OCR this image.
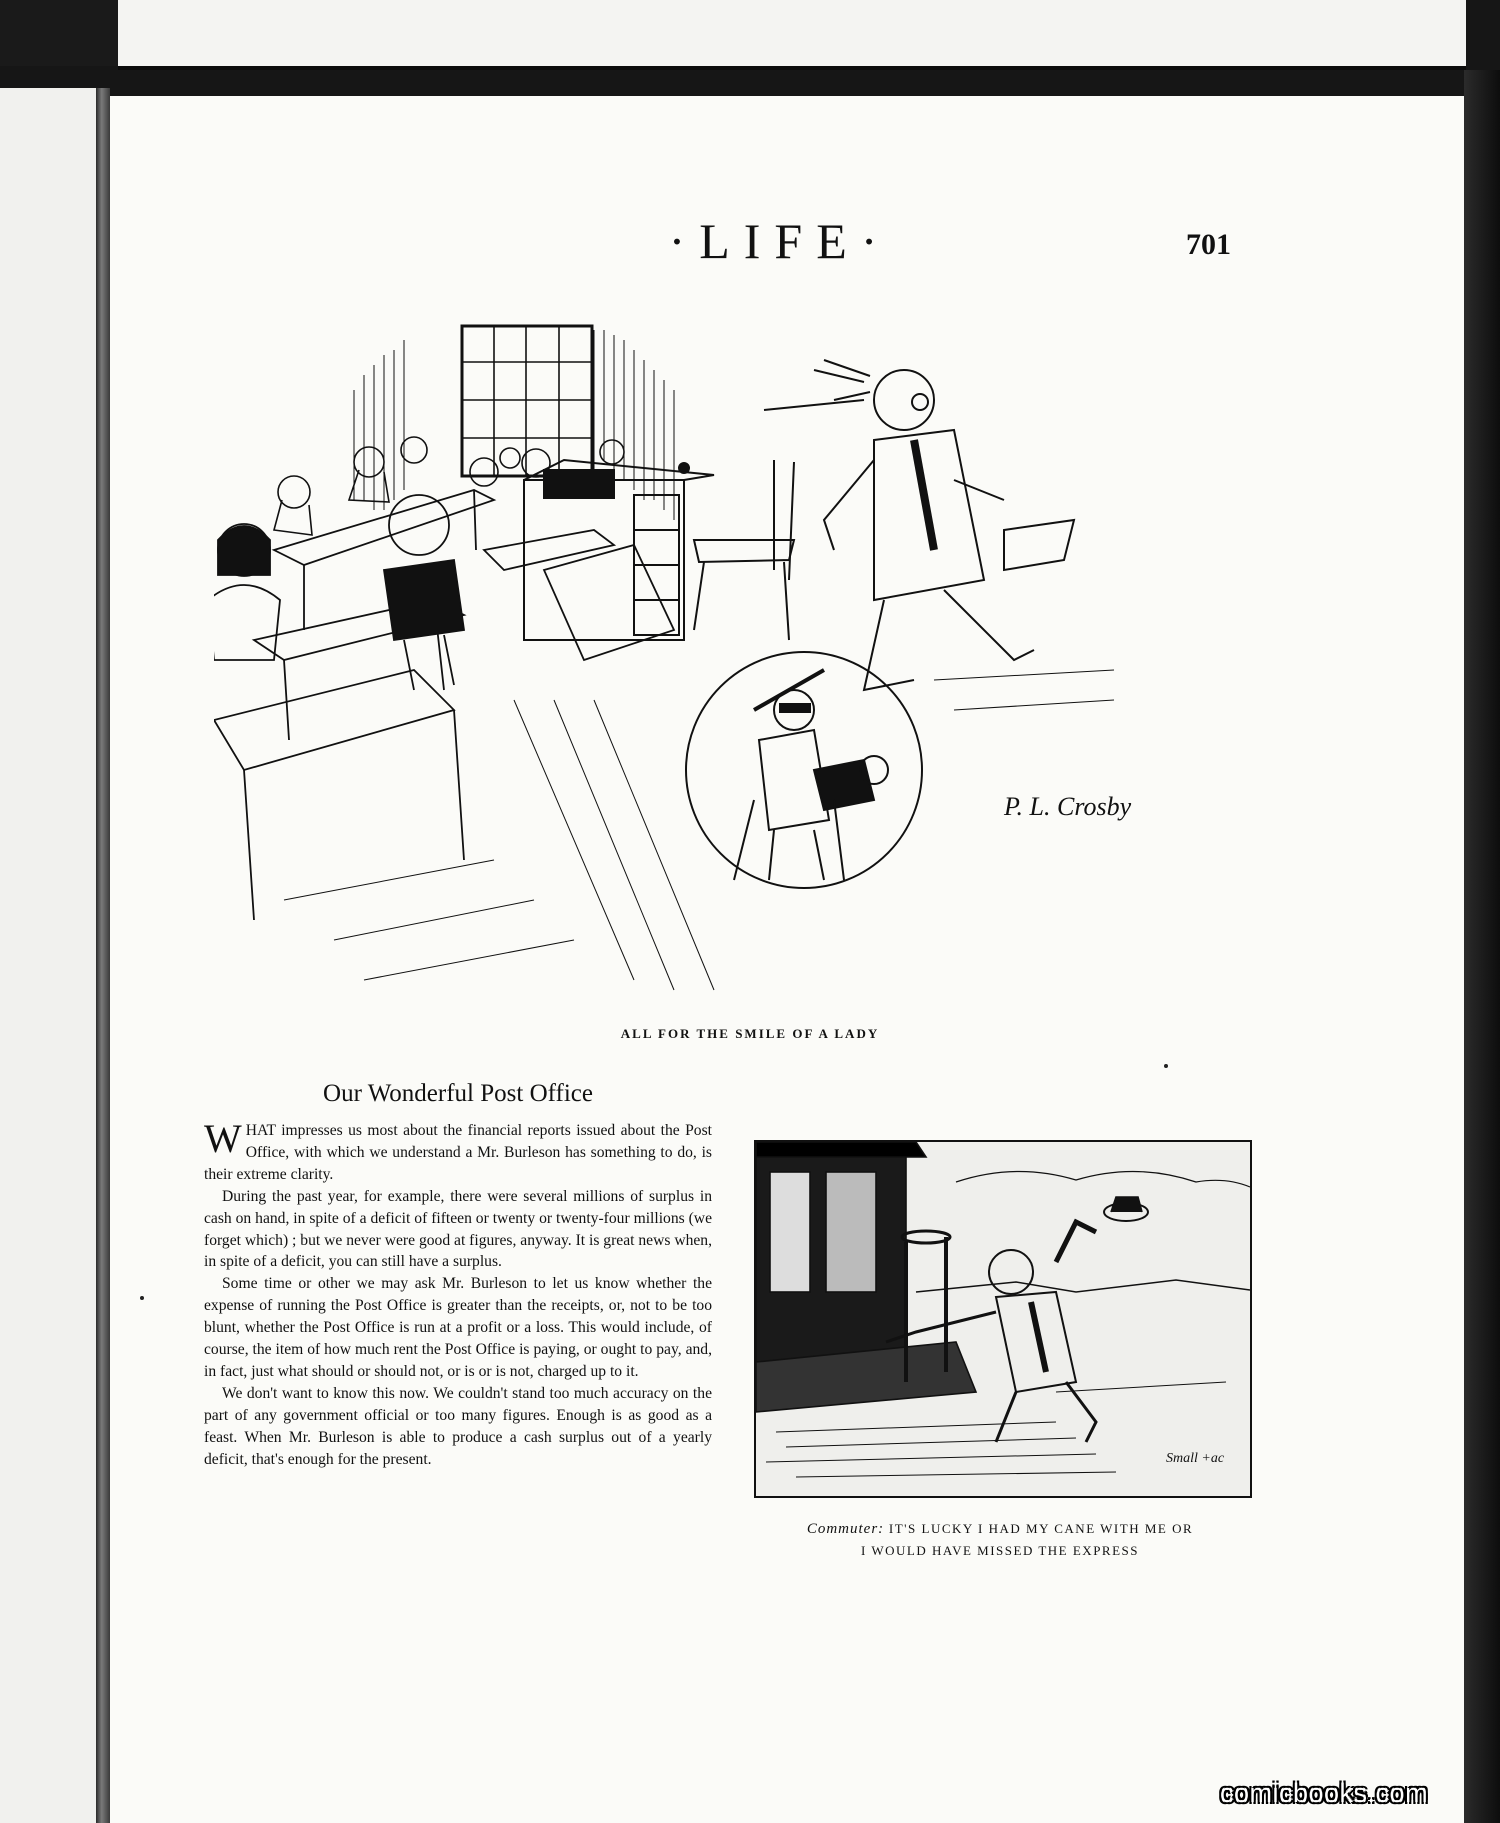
·LIFE·	701
P. L. Crosby
ALL FOR THE SMILE OF A LADY
Our Wonderful Post Office

WHAT impresses us most about the financial reports issued about the Post Office, with which we understand a Mr. Burleson has something to do, is their extreme clarity.

During the past year, for example, there were several millions of surplus in cash on hand, in spite of a deficit of fifteen or twenty or twenty-four millions (we forget which) ; but we never were good at figures, anyway. It is great news when, in spite of a deficit, you can still have a surplus.

Some time or other we may ask Mr. Burleson to let us know whether the expense of running the Post Office is greater than the receipts, or, not to be too blunt, whether the Post Office is run at a profit or a loss. This would include, of course, the item of how much rent the Post Office is paying, or ought to pay, and, in fact, just what should or should not, or is or is not, charged up to it.

We don't want to know this now. We couldn't stand too much accuracy on the part of any government official or too many figures. Enough is as good as a feast. When Mr. Burleson is able to produce a cash surplus out of a yearly deficit, that's enough for the present.	Small +ac
Commuter: IT'S LUCKY I HAD MY CANE WITH ME OR
I WOULD HAVE MISSED THE EXPRESS
comicbooks.com
